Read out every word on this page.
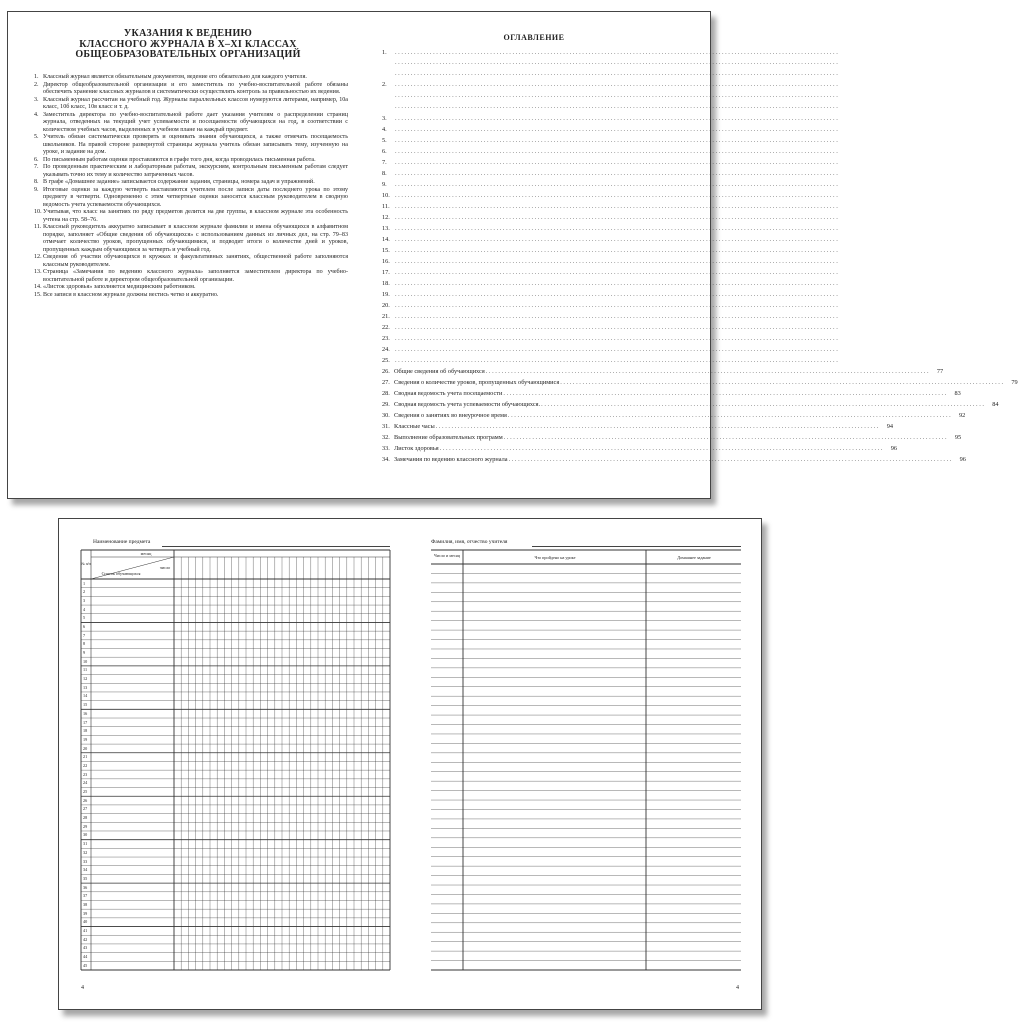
УКАЗАНИЯ К ВЕДЕНИЮ
КЛАССНОГО ЖУРНАЛА В X–XI КЛАССАХ
ОБЩЕОБРАЗОВАТЕЛЬНЫХ ОРГАНИЗАЦИЙ
1. Классный журнал является обязательным документом, ведение его обязательно для каждого учителя.
2. Директор общеобразовательной организации и его заместитель по учебно-воспитательной работе обязаны обеспечить хранение классных журналов и систематически осуществлять контроль за правильностью их ведения.
3. Классный журнал рассчитан на учебный год. Журналы параллельных классов нумеруются литерами, например, 10а класс, 10б класс, 10в класс и т. д.
4. Заместитель директора по учебно-воспитательной работе дает указания учителям о распределении страниц журнала, отведенных на текущий учет успеваемости и посещаемости обучающихся на год, в соответствии с количеством учебных часов, выделенных в учебном плане на каждый предмет.
5. Учитель обязан систематически проверять и оценивать знания обучающихся, а также отмечать посещаемость школьников. На правой стороне развернутой страницы журнала учитель обязан записывать тему, изученную на уроке, и задание на дом.
6. По письменным работам оценки проставляются в графе того дня, когда проводилась письменная работа.
7. По проведенным практическим и лабораторным работам, экскурсиям, контрольным письменным работам следует указывать точно их тему и количество затраченных часов.
8. В графе «Домашнее задание» записывается содержание задания, страницы, номера задач и упражнений.
9. Итоговые оценки за каждую четверть выставляются учителем после записи даты последнего урока по этому предмету в четверти. Одновременно с этим четвертные оценки заносятся классным руководителем в сводную ведомость учета успеваемости обучающихся.
10. Учитывая, что класс на занятиях по ряду предметов делится на две группы, в классном журнале эта особенность учтена на стр. 58–76.
11. Классный руководитель аккуратно записывает в классном журнале фамилии и имена обучающихся в алфавитном порядке, заполняет «Общие сведения об обучающихся» с использованием данных из личных дел, на стр. 79–83 отмечает количество уроков, пропущенных обучающимися, и подводит итоги о количестве дней и уроков, пропущенных каждым обучающимся за четверть и учебный год.
12. Сведения об участии обучающихся в кружках и факультативных занятиях, общественной работе заполняются классным руководителем.
13. Страница «Замечания по ведению классного журнала» заполняется заместителем директора по учебно-воспитательной работе и директором общеобразовательной организации.
14. «Листок здоровья» заполняется медицинским работником.
15. Все записи в классном журнале должны вестись четко и аккуратно.
ОГЛАВЛЕНИЕ
1.	............................................................................................................................................
............................................................................................................................................
............................................................................................................................................
2.	............................................................................................................................................
............................................................................................................................................
............................................................................................................................................
3.	............................................................................................................................................
4.	............................................................................................................................................
5.	............................................................................................................................................
6.	............................................................................................................................................
7.	............................................................................................................................................
8.	............................................................................................................................................
9.	............................................................................................................................................
10. ............................................................................................................................................
11. ............................................................................................................................................
12. ............................................................................................................................................
13. ............................................................................................................................................
14. ............................................................................................................................................
15. ............................................................................................................................................
16. ............................................................................................................................................
17. ............................................................................................................................................
18. ............................................................................................................................................
19. ............................................................................................................................................
20. ............................................................................................................................................
21. ............................................................................................................................................
22. ............................................................................................................................................
23. ............................................................................................................................................
24. ............................................................................................................................................
25. ............................................................................................................................................
26. Общие сведения об обучающихся ............................................................................................................................................	77
27. Сведения о количестве уроков, пропущенных обучающимися ............................................................................................................................................	79
28. Сводная ведомость учета посещаемости ............................................................................................................................................	83
29. Сводная ведомость учета успеваемости обучающихся. ............................................................................................................................................	84
30. Сведения о занятиях во внеурочное время ............................................................................................................................................	92
31. Классные часы ............................................................................................................................................	94
32. Выполнение образовательных программ ............................................................................................................................................	95
33. Листок здоровья ............................................................................................................................................	96
34. Замечания по ведению классного журнала ............................................................................................................................................	96
Наименование предмета
месяц
число
Список обучающихся
№ п/п
1
2
3
4
5
6
7
8
9
10
11
12
13
14
15
16
17
18
19
20
21
22
23
24
25
26
27
28
29
30
31
32
33
34
35
36
37
38
39
40
41
42
43
44
45
4
Фамилия, имя, отчество учителя
Число и месяц	Что пройдено на уроке	Домашнее задание
4
